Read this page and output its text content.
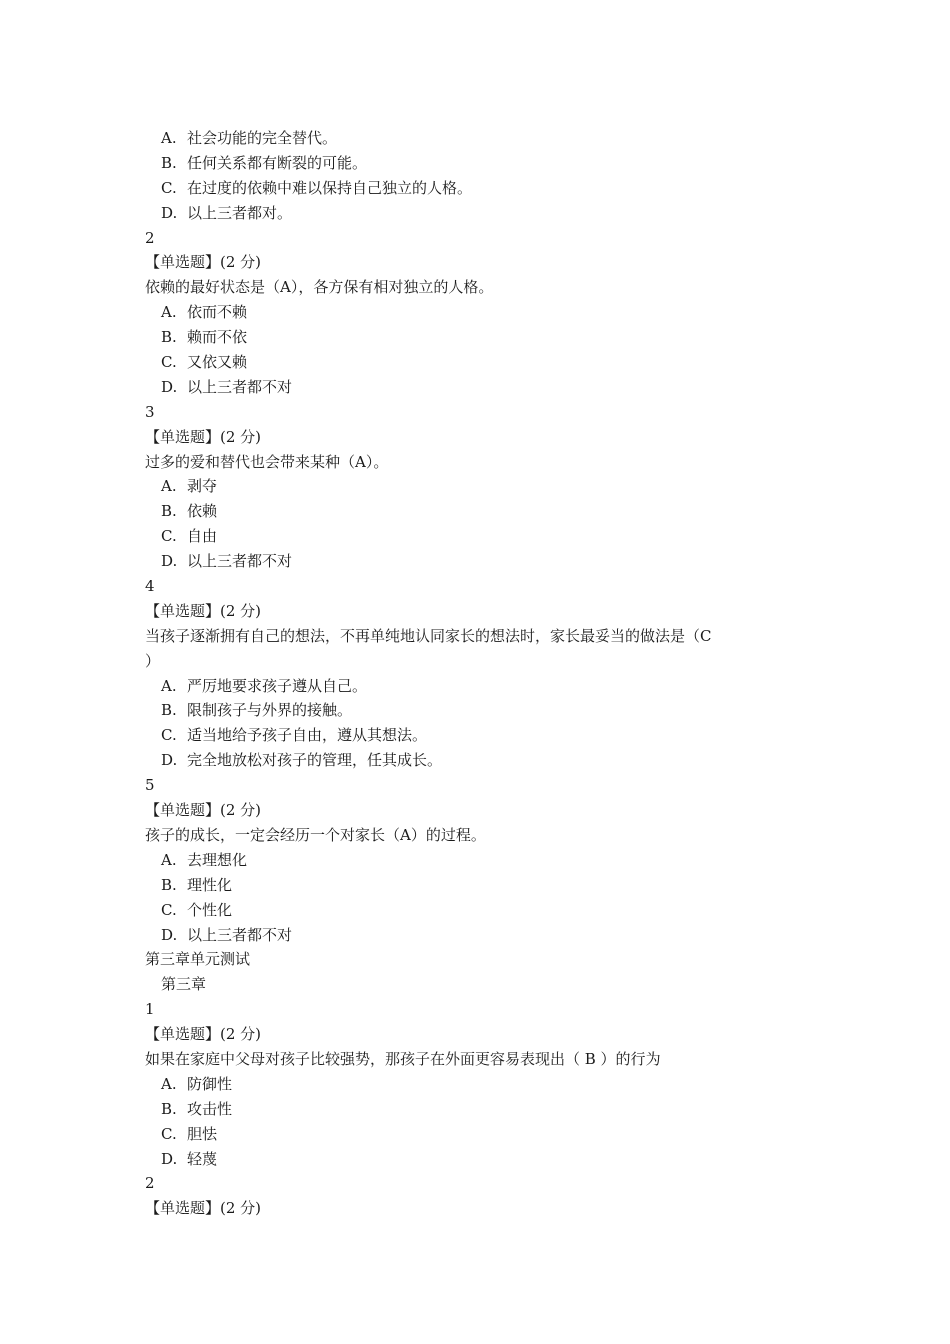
A. 社会功能的完全替代。
B. 任何关系都有断裂的可能。
C. 在过度的依赖中难以保持自己独立的人格。
D. 以上三者都对。
2
【单选题】(2 分)
依赖的最好状态是（A），各方保有相对独立的人格。
A. 依而不赖
B. 赖而不依
C. 又依又赖
D. 以上三者都不对
3
【单选题】(2 分)
过多的爱和替代也会带来某种（A）。
A. 剥夺
B. 依赖
C. 自由
D. 以上三者都不对
4
【单选题】(2 分)
当孩子逐渐拥有自己的想法，不再单纯地认同家长的想法时，家长最妥当的做法是（C
）
A. 严厉地要求孩子遵从自己。
B. 限制孩子与外界的接触。
C. 适当地给予孩子自由，遵从其想法。
D. 完全地放松对孩子的管理，任其成长。
5
【单选题】(2 分)
孩子的成长，一定会经历一个对家长（A）的过程。
A. 去理想化
B. 理性化
C. 个性化
D. 以上三者都不对
第三章单元测试
第三章
1
【单选题】(2 分)
如果在家庭中父母对孩子比较强势，那孩子在外面更容易表现出（ B ）的行为
A. 防御性
B. 攻击性
C. 胆怯
D. 轻蔑
2
【单选题】(2 分)
